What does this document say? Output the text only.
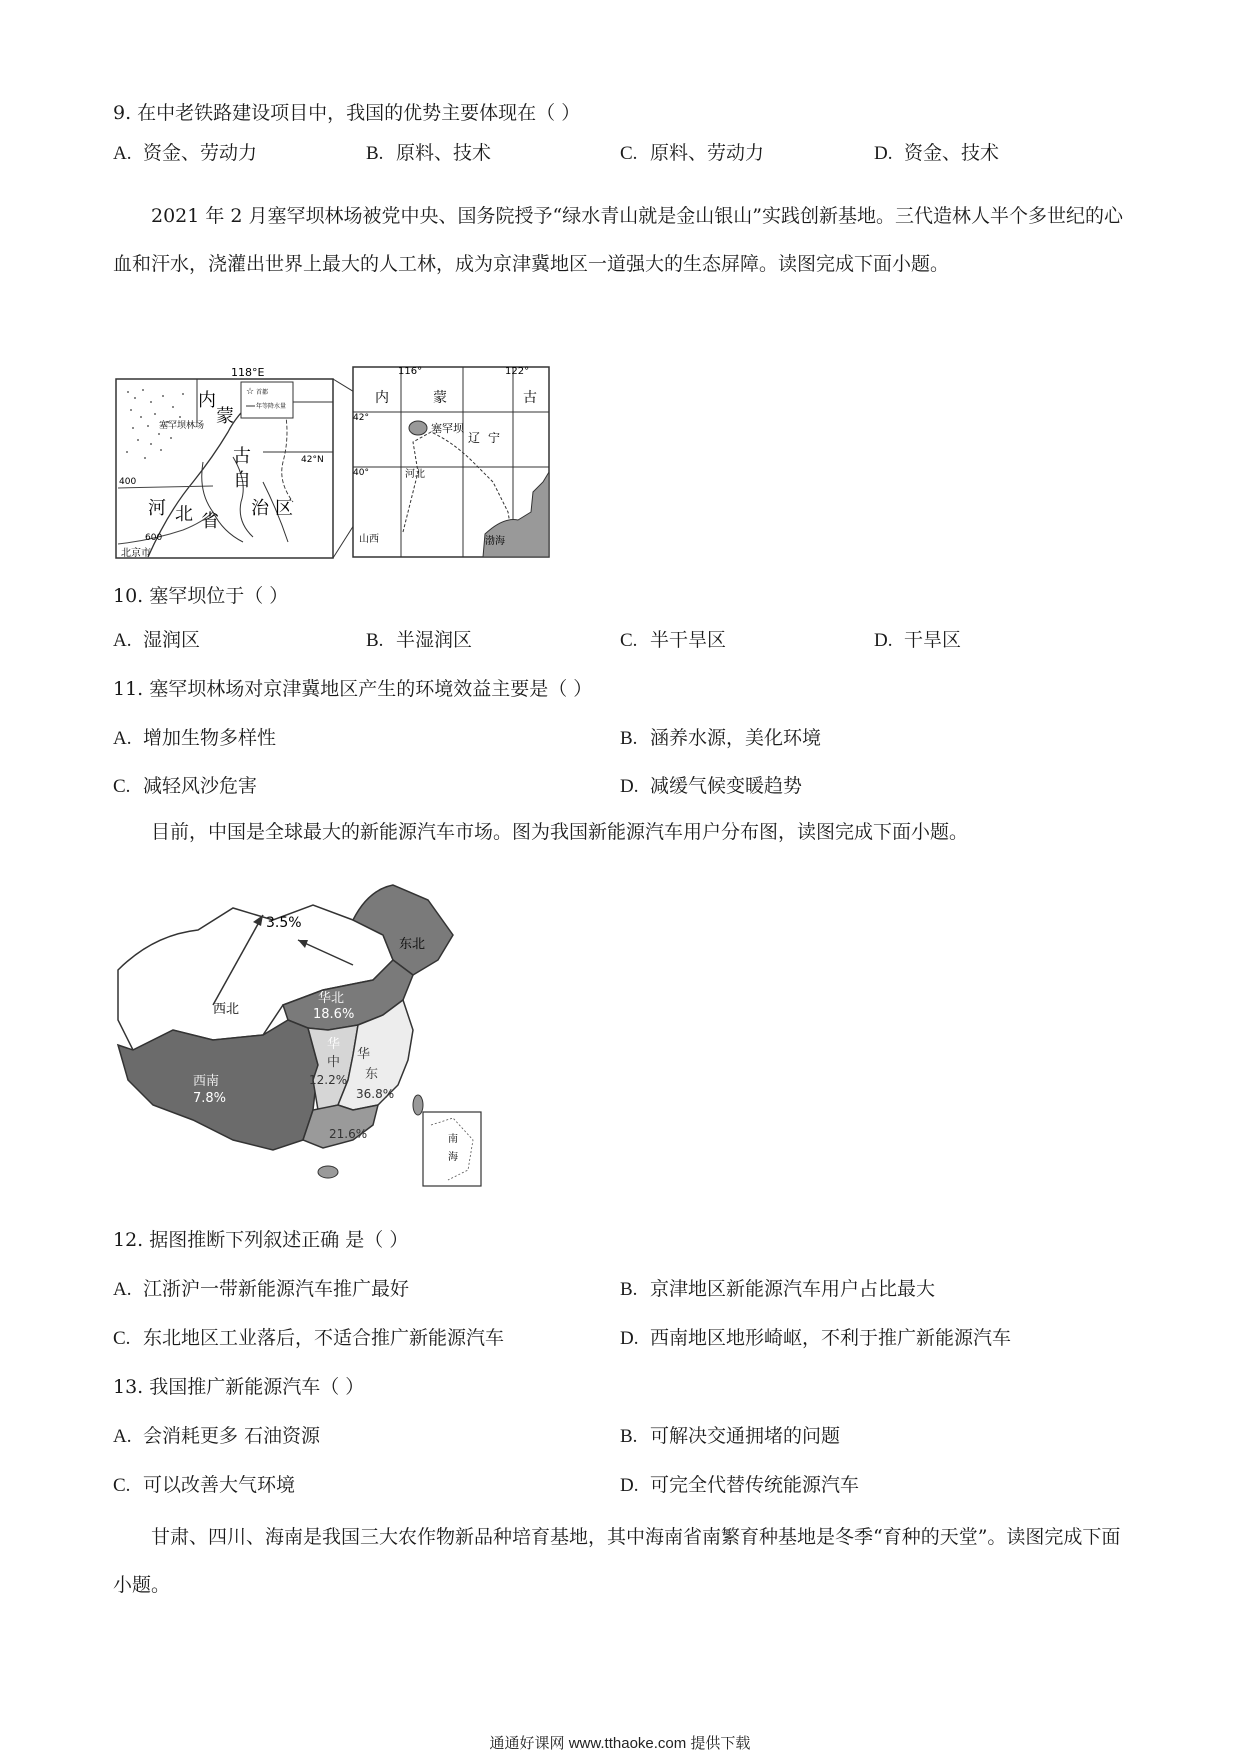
9. 在中老铁路建设项目中，我国的优势主要体现在（ ）
A. 资金、劳动力	B. 原料、技术	C. 原料、劳动力	D. 资金、技术
2021 年 2 月塞罕坝林场被党中央、国务院授予“绿水青山就是金山银山”实践创新基地。三代造林人半个多世纪的心血和汗水，浇灌出世界上最大的人工林，成为京津冀地区一道强大的生态屏障。读图完成下面小题。
☆ 首都
年等降水量
118°E
内
蒙
古
自
治 区
河 北 省
塞罕坝林场
42°N
400
600
北京市
116°	122°
内	蒙	古
塞罕坝
42°
40°
辽 宁
河北
山西	渤海
10. 塞罕坝位于（ ）
A. 湿润区	B. 半湿润区	C. 半干旱区	D. 干旱区
11. 塞罕坝林场对京津冀地区产生的环境效益主要是（ ）
A. 增加生物多样性	B. 涵养水源，美化环境
C. 减轻风沙危害	D. 减缓气候变暖趋势
目前，中国是全球最大的新能源汽车市场。图为我国新能源汽车用户分布图，读图完成下面小题。
3.5%
东北
西北
华北
18.6%
西南
7.8%
华
中
12.2%
华
东
36.8%
21.6%	南
海
12. 据图推断下列叙述正确 是（ ）
A. 江浙沪一带新能源汽车推广最好	B. 京津地区新能源汽车用户占比最大
C. 东北地区工业落后，不适合推广新能源汽车	D. 西南地区地形崎岖，不利于推广新能源汽车
13. 我国推广新能源汽车（ ）
A. 会消耗更多 石油资源	B. 可解决交通拥堵的问题
C. 可以改善大气环境	D. 可完全代替传统能源汽车
甘肃、四川、海南是我国三大农作物新品种培育基地，其中海南省南繁育种基地是冬季“育种的天堂”。读图完成下面小题。
通通好课网 www.tthaoke.com 提供下载
